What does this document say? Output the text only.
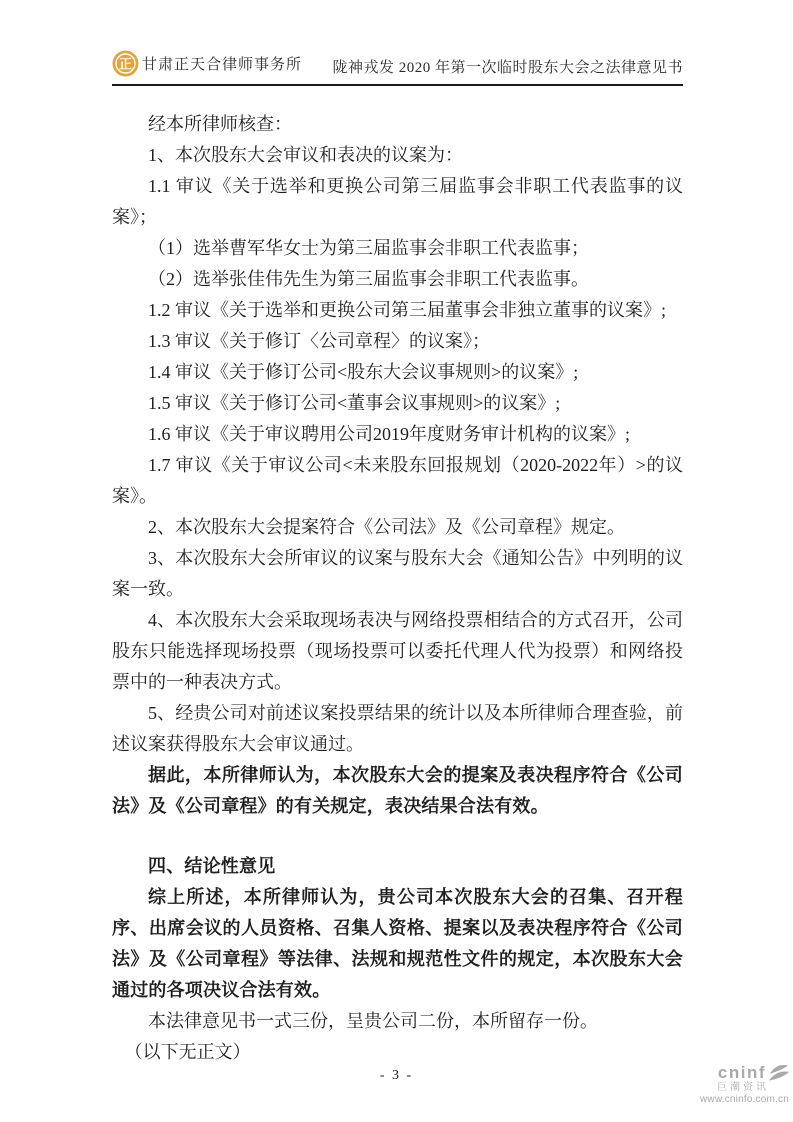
正 甘肃正天合律师事务所 陇神戎发 2020 年第一次临时股东大会之法律意见书

经本所律师核查：

1、本次股东大会审议和表决的议案为：

1.1 审议《关于选举和更换公司第三届监事会非职工代表监事的议案》；

（1）选举曹军华女士为第三届监事会非职工代表监事；

（2）选举张佳伟先生为第三届监事会非职工代表监事。

1.2 审议《关于选举和更换公司第三届董事会非独立董事的议案》;

1.3 审议《关于修订〈公司章程〉的议案》；

1.4 审议《关于修订公司<股东大会议事规则>的议案》;

1.5 审议《关于修订公司<董事会议事规则>的议案》;

1.6 审议《关于审议聘用公司2019年度财务审计机构的议案》;

1.7 审议《关于审议公司<未来股东回报规划（2020-2022年）>的议案》。

2、本次股东大会提案符合《公司法》及《公司章程》规定。

3、本次股东大会所审议的议案与股东大会《通知公告》中列明的议案一致。

4、本次股东大会采取现场表决与网络投票相结合的方式召开，公司股东只能选择现场投票（现场投票可以委托代理人代为投票）和网络投票中的一种表决方式。

5、经贵公司对前述议案投票结果的统计以及本所律师合理查验，前述议案获得股东大会审议通过。

据此，本所律师认为，本次股东大会的提案及表决程序符合《公司法》及《公司章程》的有关规定，表决结果合法有效。

四、结论性意见

综上所述，本所律师认为，贵公司本次股东大会的召集、召开程序、出席会议的人员资格、召集人资格、提案以及表决程序符合《公司法》及《公司章程》等法律、法规和规范性文件的规定，本次股东大会通过的各项决议合法有效。

本法律意见书一式三份，呈贵公司二份，本所留存一份。

（以下无正文）

- 3 -	cninf
巨潮资讯
www.cninfo.com.cn
